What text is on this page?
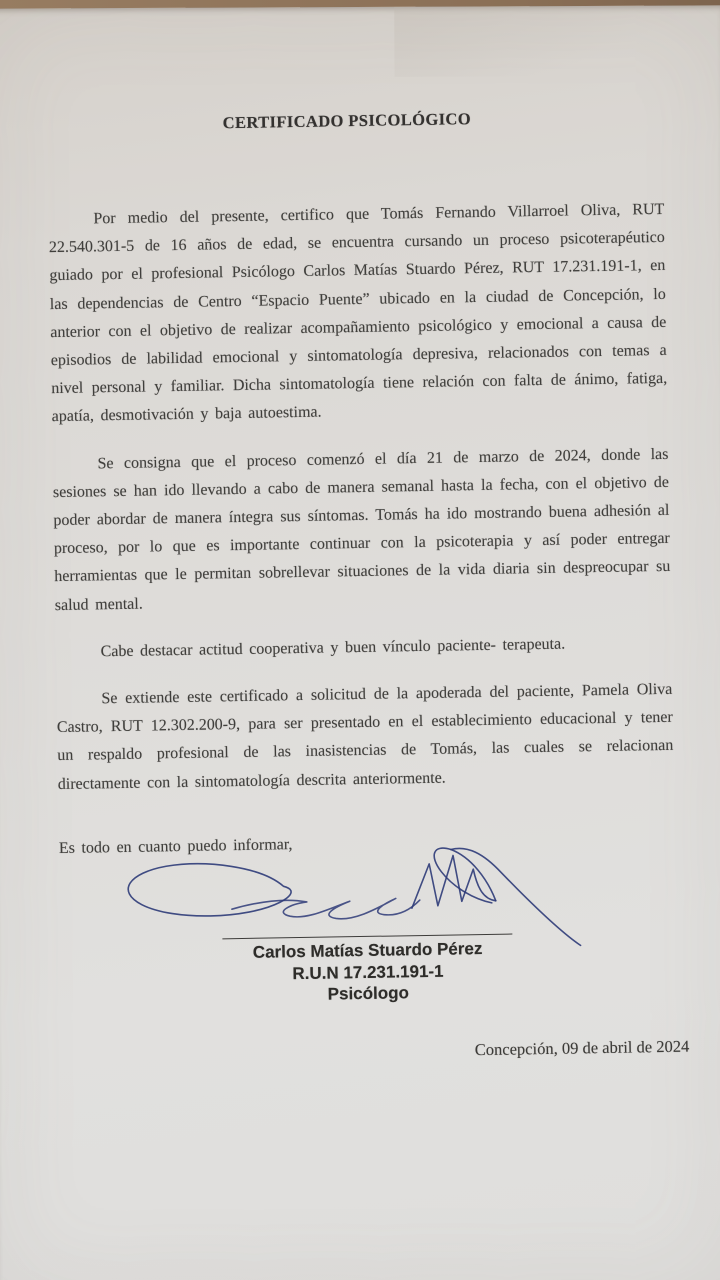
CERTIFICADO PSICOLÓGICO

Por medio del presente, certifico que Tomás Fernando Villarroel Oliva, RUT 22.540.301-5 de 16 años de edad, se encuentra cursando un proceso psicoterapéutico guiado por el profesional Psicólogo Carlos Matías Stuardo Pérez, RUT 17.231.191-1, en las dependencias de Centro “Espacio Puente” ubicado en la ciudad de Concepción, lo anterior con el objetivo de realizar acompañamiento psicológico y emocional a causa de episodios de labilidad emocional y sintomatología depresiva, relacionados con temas a nivel personal y familiar. Dicha sintomatología tiene relación con falta de ánimo, fatiga, apatía, desmotivación y baja autoestima.

Se consigna que el proceso comenzó el día 21 de marzo de 2024, donde las sesiones se han ido llevando a cabo de manera semanal hasta la fecha, con el objetivo de poder abordar de manera íntegra sus síntomas. Tomás ha ido mostrando buena adhesión al proceso, por lo que es importante continuar con la psicoterapia y así poder entregar herramientas que le permitan sobrellevar situaciones de la vida diaria sin despreocupar su salud mental.

Cabe destacar actitud cooperativa y buen vínculo paciente- terapeuta.

Se extiende este certificado a solicitud de la apoderada del paciente, Pamela Oliva Castro, RUT 12.302.200-9, para ser presentado en el establecimiento educacional y tener un respaldo profesional de las inasistencias de Tomás, las cuales se relacionan directamente con la sintomatología descrita anteriormente.

Es todo en cuanto puedo informar,

Carlos Matías Stuardo Pérez
R.U.N 17.231.191-1
Psicólogo
Concepción, 09 de abril de 2024
